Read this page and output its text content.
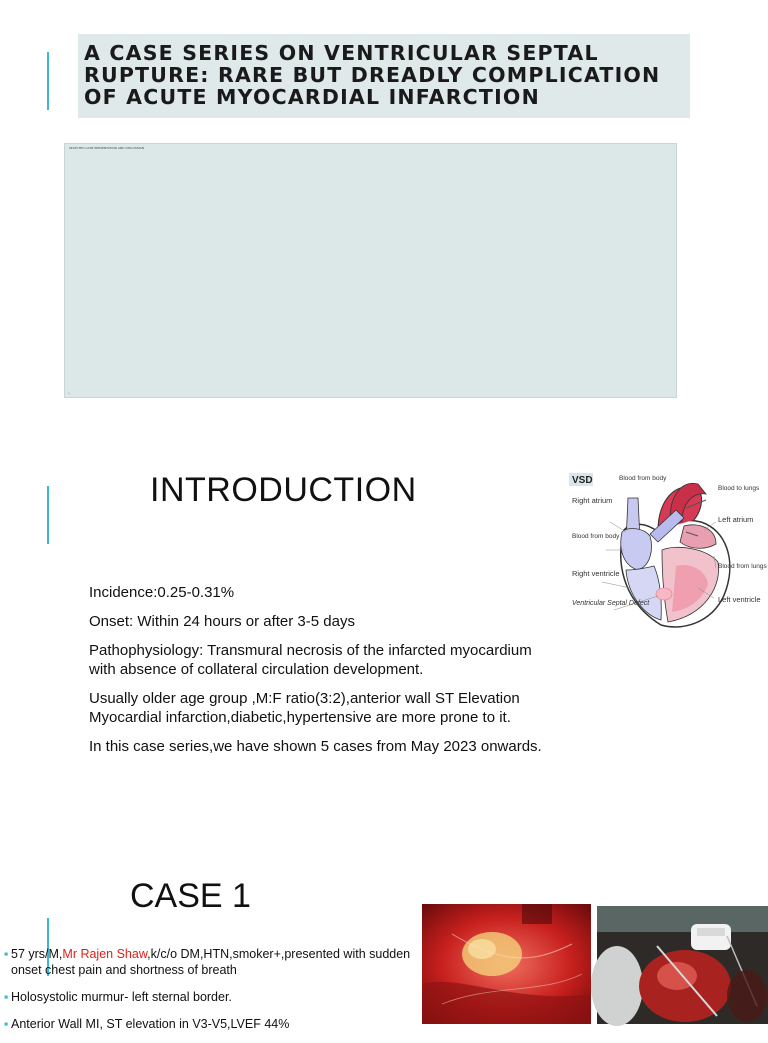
A CASE SERIES ON VENTRICULAR SEPTAL RUPTURE: RARE BUT DREADLY COMPLICATION OF ACUTE MYOCARDIAL INFARCTION
SELECTED CASE PRESENTATION AND DISCUSSION
•
INTRODUCTION

Incidence:0.25-0.31%

Onset: Within 24 hours or after 3-5 days

Pathophysiology: Transmural necrosis of the infarcted myocardium with absence of collateral circulation development.

Usually older age group ,M:F ratio(3:2),anterior wall ST Elevation Myocardial infarction,diabetic,hypertensive are more prone to it.

In this case series,we have shown 5 cases from May 2023 onwards.

VSD	Blood from body
Right atrium
Blood to lungs
Left atrium
Blood from body
Blood from lungs
Right ventricle
Ventricular Septal Defect	Left ventricle
CASE 1
▪ 57 yrs/M,Mr Rajen Shaw,k/c/o DM,HTN,smoker+,presented with sudden onset chest pain and shortness of breath
▪ Holosystolic murmur- left sternal border.
▪ Anterior Wall MI, ST elevation in V3-V5,LVEF 44%
